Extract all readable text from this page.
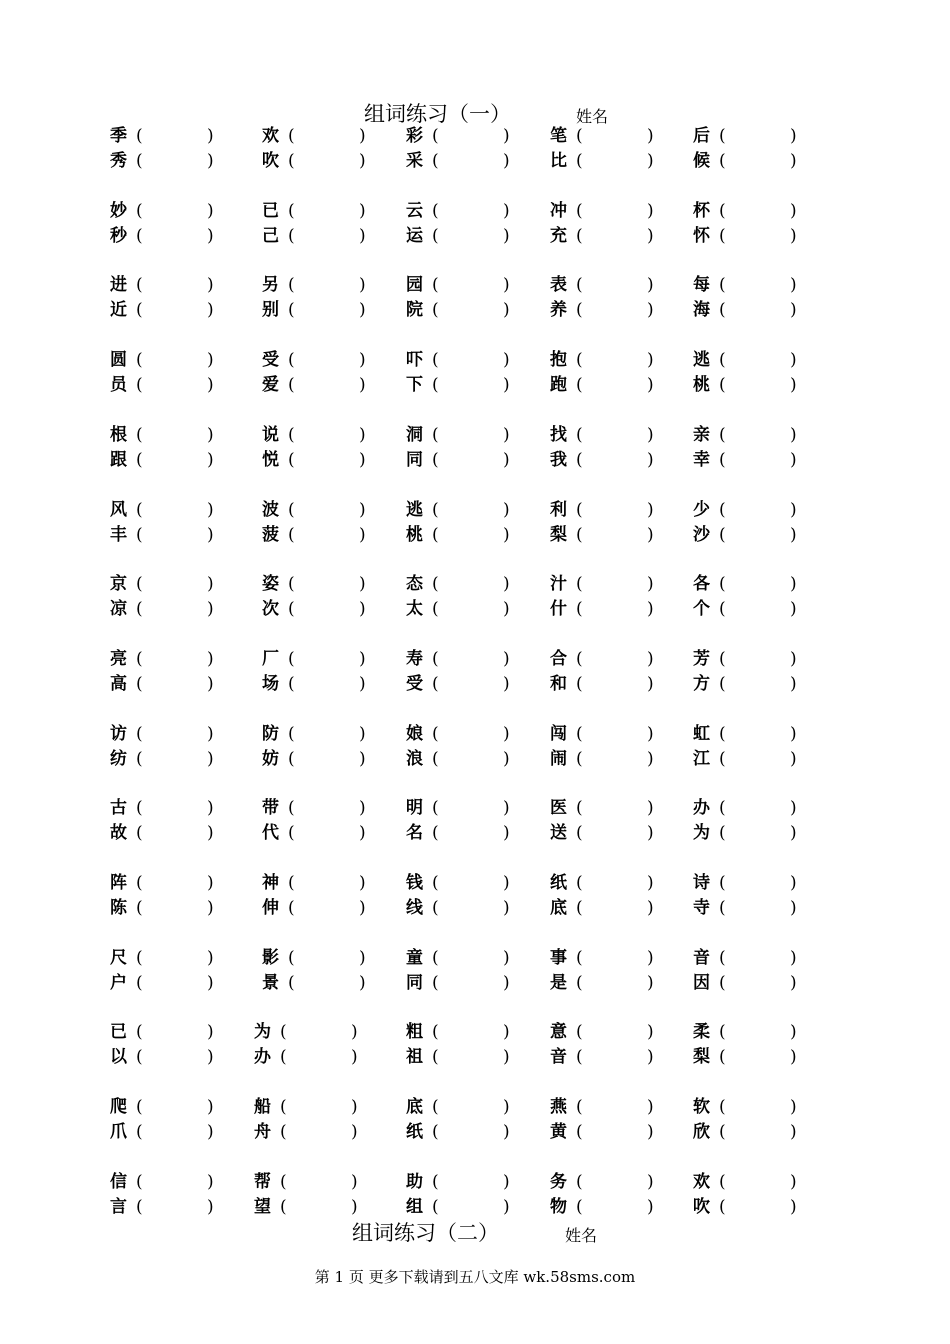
组词练习（一）	姓名
季 (	)	欢 (	) 彩 (	) 笔 (	) 后 (	)
秀 (	)	吹 (	) 采 (	) 比 (	) 候 (	)
妙 (	)	已 (	) 云 (	) 冲 (	) 杯 (	)
秒 (	)	己 (	) 运 (	) 充 (	) 怀 (	)
进 (	)	另 (	) 园 (	) 表 (	) 每 (	)
近 (	)	别 (	) 院 (	) 养 (	) 海 (	)
圆 (	)	受 (	) 吓 (	) 抱 (	) 逃 (	)
员 (	)	爱 (	) 下 (	) 跑 (	) 桃 (	)
根 (	)	说 (	) 洞 (	) 找 (	) 亲 (	)
跟 (	)	悦 (	) 同 (	) 我 (	) 幸 (	)
风 (	)	波 (	) 逃 (	) 利 (	) 少 (	)
丰 (	)	菠 (	) 桃 (	) 梨 (	) 沙 (	)
京 (	)	姿 (	) 态 (	) 汁 (	) 各 (	)
凉 (	)	次 (	) 太 (	) 什 (	) 个 (	)
亮 (	)	厂 (	) 寿 (	) 合 (	) 芳 (	)
高 (	)	场 (	) 受 (	) 和 (	) 方 (	)
访 (	)	防 (	) 娘 (	) 闯 (	) 虹 (	)
纺 (	)	妨 (	) 浪 (	) 闹 (	) 江 (	)
古 (	)	带 (	) 明 (	) 医 (	) 办 (	)
故 (	)	代 (	) 名 (	) 送 (	) 为 (	)
阵 (	)	神 (	) 钱 (	) 纸 (	) 诗 (	)
陈 (	)	伸 (	) 线 (	) 底 (	) 寺 (	)
尺 (	)	影 (	) 童 (	) 事 (	) 音 (	)
户 (	)	景 (	) 同 (	) 是 (	) 因 (	)
已 (	) 为 (	)	粗 (	) 意 (	) 柔 (	)
以 (	) 办 (	)	祖 (	) 音 (	) 梨 (	)
爬 (	) 船 (	)	底 (	) 燕 (	) 软 (	)
爪 (	) 舟 (	)	纸 (	) 黄 (	) 欣 (	)
信 (	) 帮 (	)	助 (	) 务 (	) 欢 (	)
言 (	) 望 (	)	组 (	) 物 (	) 吹 (	)
组词练习（二）	姓名
第 1 页 更多下载请到五八文库 wk.58sms.com
